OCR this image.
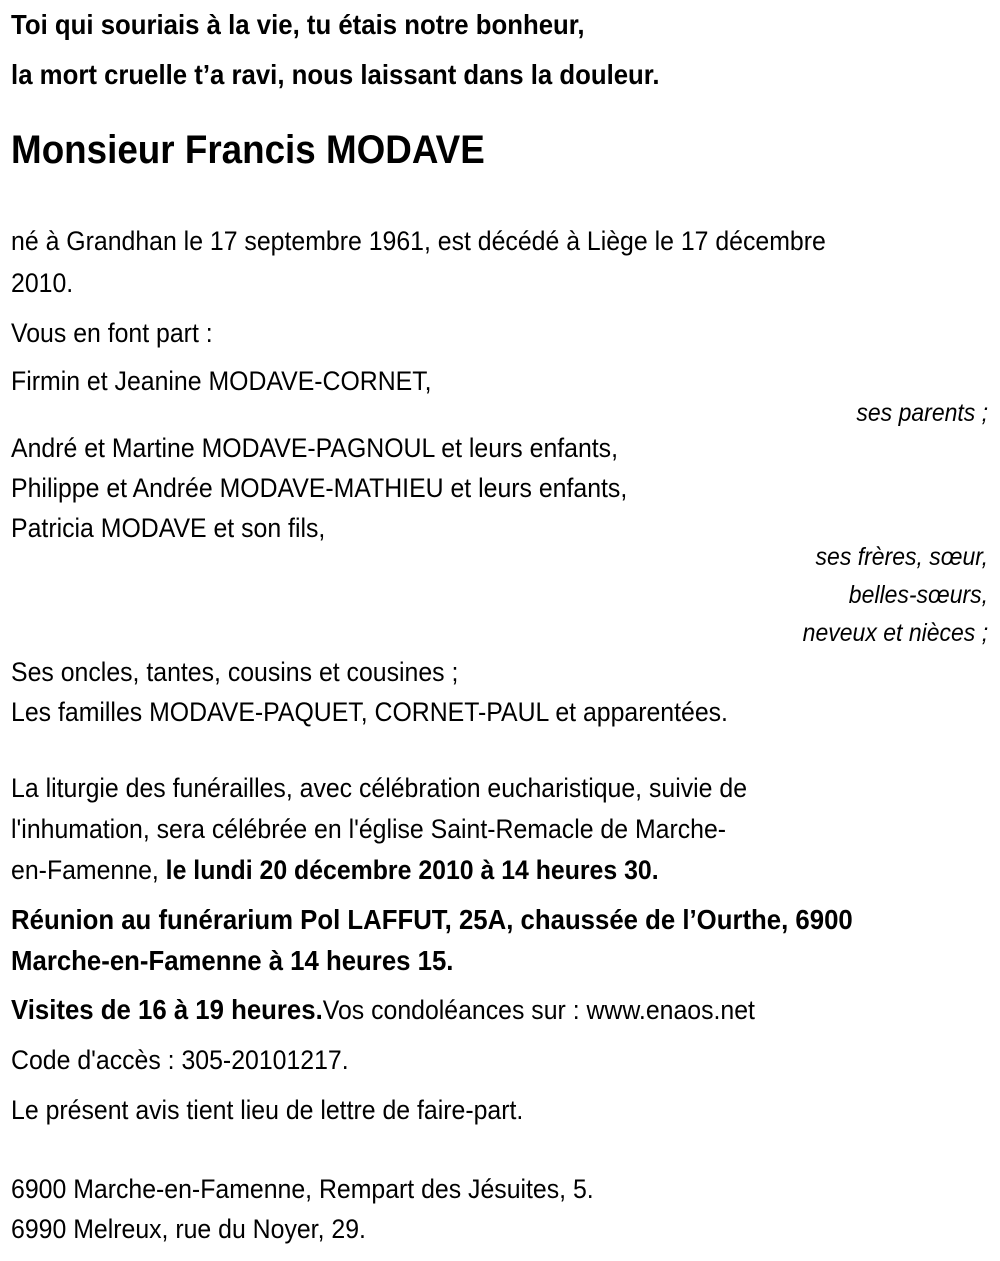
Toi qui souriais à la vie, tu étais notre bonheur,
la mort cruelle t’a ravi, nous laissant dans la douleur.
Monsieur Francis MODAVE
né à Grandhan le 17 septembre 1961, est décédé à Liège le 17 décembre
2010.

Vous en font part :

Firmin et Jeanine MODAVE-CORNET,

ses parents ;

André et Martine MODAVE-PAGNOUL et leurs enfants,
Philippe et Andrée MODAVE-MATHIEU et leurs enfants,
Patricia MODAVE et son fils,
ses frères, sœur,
belles-sœurs,
neveux et nièces ;

Ses oncles, tantes, cousins et cousines ;

Les familles MODAVE-PAQUET, CORNET-PAUL et apparentées.

La liturgie des funérailles, avec célébration eucharistique, suivie de
l'inhumation, sera célébrée en l'église Saint-Remacle de Marche-
en-Famenne, le lundi 20 décembre 2010 à 14 heures 30.
Réunion au funérarium Pol LAFFUT, 25A, chaussée de l’Ourthe, 6900
Marche-en-Famenne à 14 heures 15.

Visites de 16 à 19 heures.Vos condoléances sur : www.enaos.net

Code d'accès : 305-20101217.

Le présent avis tient lieu de lettre de faire-part.

6900 Marche-en-Famenne, Rempart des Jésuites, 5.
6990 Melreux, rue du Noyer, 29.
